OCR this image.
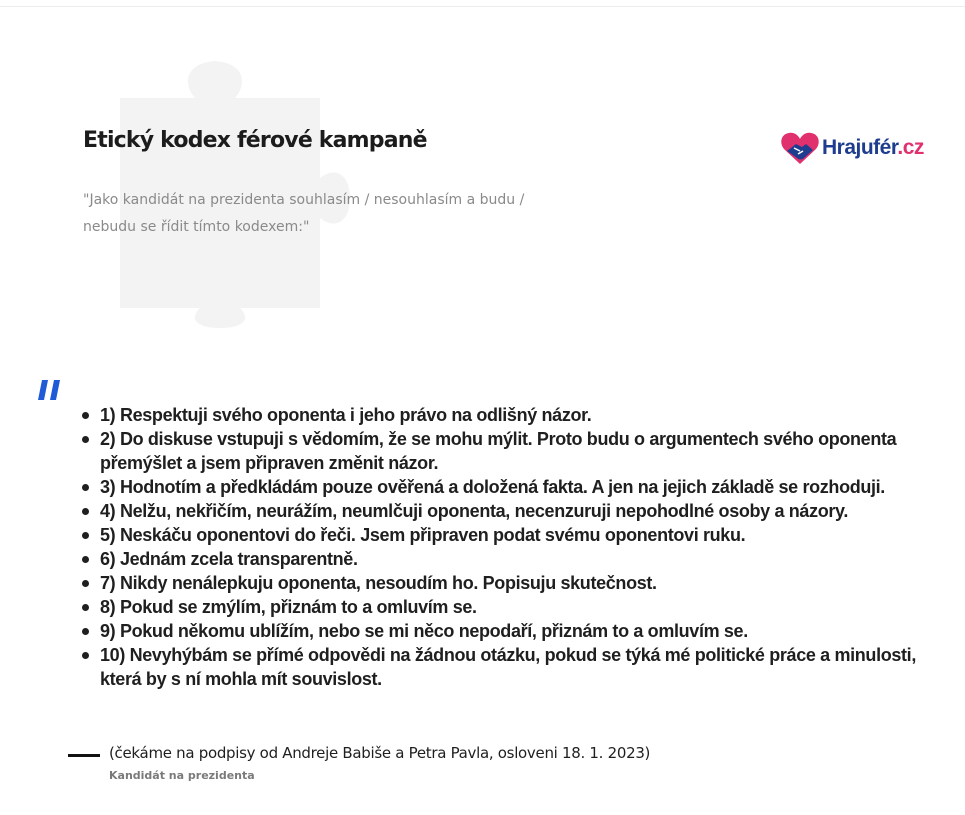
Etický kodex férové kampaně	Hrajufér.cz

"Jako kandidát na prezidenta souhlasím / nesouhlasím a budu / nebudu se řídit tímto kodexem:"

1) Respektuji svého oponenta i jeho právo na odlišný názor.
2) Do diskuse vstupuji s vědomím, že se mohu mýlit. Proto budu o argumentech svého oponenta přemýšlet a jsem připraven změnit názor.
3) Hodnotím a předkládám pouze ověřená a doložená fakta. A jen na jejich základě se rozhoduji.
4) Nelžu, nekřičím, neurážím, neumlčuji oponenta, necenzuruji nepohodlné osoby a názory.
5) Neskáču oponentovi do řeči. Jsem připraven podat svému oponentovi ruku.
6) Jednám zcela transparentně.
7) Nikdy nenálepkuju oponenta, nesoudím ho. Popisuju skutečnost.
8) Pokud se zmýlím, přiznám to a omluvím se.
9) Pokud někomu ublížím, nebo se mi něco nepodaří, přiznám to a omluvím se.
10) Nevyhýbám se přímé odpovědi na žádnou otázku, pokud se týká mé politické práce a minulosti, která by s ní mohla mít souvislost.

(čekáme na podpisy od Andreje Babiše a Petra Pavla, osloveni 18. 1. 2023)

Kandidát na prezidenta
